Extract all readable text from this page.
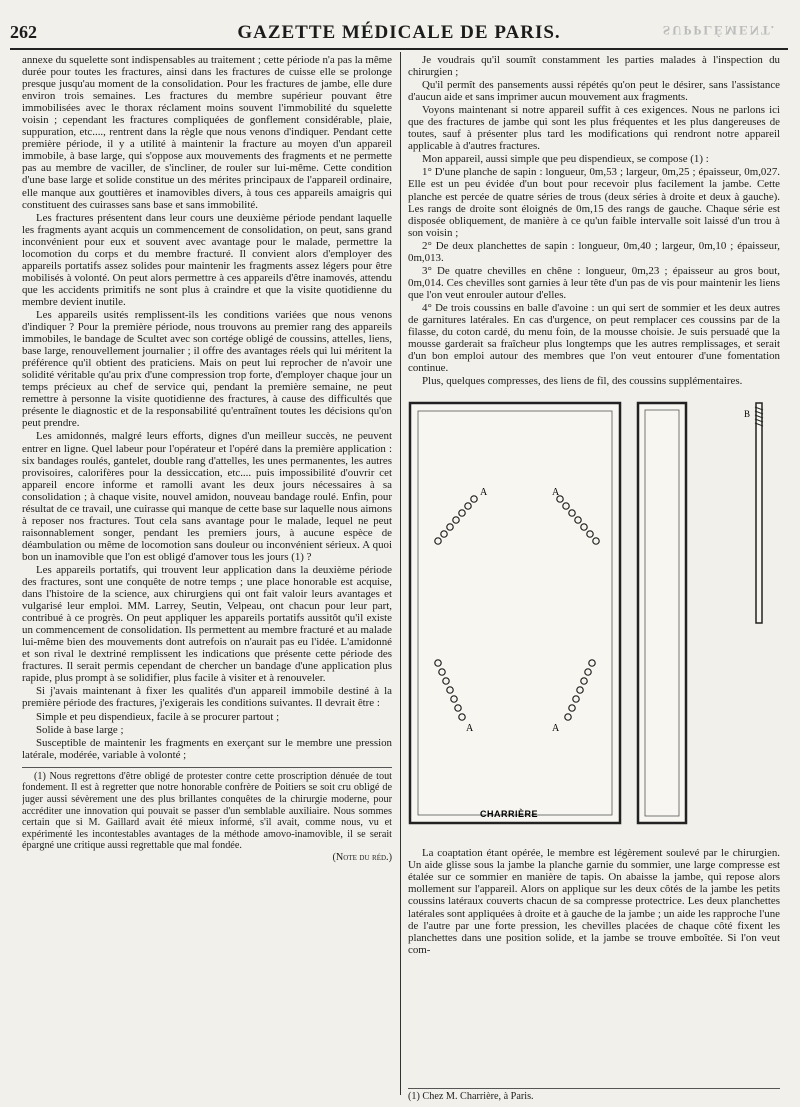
262	GAZETTE MÉDICALE DE PARIS.	SUPPLÉMENT.

annexe du squelette sont indispensables au traitement ; cette période n'a pas la même durée pour toutes les fractures, ainsi dans les fractures de cuisse elle se prolonge presque jusqu'au moment de la consolidation. Pour les fractures de jambe, elle dure environ trois semaines. Les fractures du membre supérieur pouvant être immobilisées avec le thorax réclament moins souvent l'immobilité du squelette voisin ; cependant les fractures compliquées de gonflement considérable, plaie, suppuration, etc...., rentrent dans la règle que nous venons d'indiquer. Pendant cette première période, il y a utilité à maintenir la fracture au moyen d'un appareil immobile, à base large, qui s'oppose aux mouvements des fragments et ne permette pas au membre de vaciller, de s'incliner, de rouler sur lui-même. Cette condition d'une base large et solide constitue un des mérites principaux de l'appareil ordinaire, elle manque aux gouttières et inamovibles divers, à tous ces appareils amaigris qui constituent des cuirasses sans base et sans immobilité.

Les fractures présentent dans leur cours une deuxième période pendant laquelle les fragments ayant acquis un commencement de consolidation, on peut, sans grand inconvénient pour eux et souvent avec avantage pour le malade, permettre la locomotion du corps et du membre fracturé. Il convient alors d'employer des appareils portatifs assez solides pour maintenir les fragments assez légers pour être mobilisés à volonté. On peut alors permettre à ces appareils d'être inamovés, attendu que les accidents primitifs ne sont plus à craindre et que la visite quotidienne du membre devient inutile.

Les appareils usités remplissent-ils les conditions variées que nous venons d'indiquer ? Pour la première période, nous trouvons au premier rang des appareils immobiles, le bandage de Scultet avec son cortége obligé de coussins, attelles, liens, base large, renouvellement journalier ; il offre des avantages réels qui lui méritent la préférence qu'il obtient des praticiens. Mais on peut lui reprocher de n'avoir une solidité véritable qu'au prix d'une compression trop forte, d'employer chaque jour un temps précieux au chef de service qui, pendant la première semaine, ne peut remettre à personne la visite quotidienne des fractures, à cause des difficultés que présente le diagnostic et de la responsabilité qu'entraînent toutes les décisions qu'on peut prendre.

Les amidonnés, malgré leurs efforts, dignes d'un meilleur succès, ne peuvent entrer en ligne. Quel labeur pour l'opérateur et l'opéré dans la première application : six bandages roulés, gantelet, double rang d'attelles, les unes permanentes, les autres provisoires, calorifères pour la dessiccation, etc.... puis impossibilité d'ouvrir cet appareil encore informe et ramolli avant les deux jours nécessaires à sa consolidation ; à chaque visite, nouvel amidon, nouveau bandage roulé. Enfin, pour résultat de ce travail, une cuirasse qui manque de cette base sur laquelle nous aimons à reposer nos fractures. Tout cela sans avantage pour le malade, lequel ne peut raisonnablement songer, pendant les premiers jours, à aucune espèce de déambulation ou même de locomotion sans douleur ou inconvénient sérieux. A quoi bon un inamovible que l'on est obligé d'amover tous les jours (1) ?

Les appareils portatifs, qui trouvent leur application dans la deuxième période des fractures, sont une conquête de notre temps ; une place honorable est acquise, dans l'histoire de la science, aux chirurgiens qui ont fait valoir leurs avantages et vulgarisé leur emploi. MM. Larrey, Seutin, Velpeau, ont chacun pour leur part, contribué à ce progrès. On peut appliquer les appareils portatifs aussitôt qu'il existe un commencement de consolidation. Ils permettent au membre fracturé et au malade lui-même bien des mouvements dont autrefois on n'aurait pas eu l'idée. L'amidonné et son rival le dextriné remplissent les indications que présente cette période des fractures. Il serait permis cependant de chercher un bandage d'une application plus rapide, plus prompt à se solidifier, plus facile à visiter et à renouveler.

Si j'avais maintenant à fixer les qualités d'un appareil immobile destiné à la première période des fractures, j'exigerais les conditions suivantes. Il devrait être :

Simple et peu dispendieux, facile à se procurer partout ;

Solide à base large ;

Susceptible de maintenir les fragments en exerçant sur le membre une pression latérale, modérée, variable à volonté ;

(1) Nous regrettons d'être obligé de protester contre cette proscription dénuée de tout fondement. Il est à regretter que notre honorable confrère de Poitiers se soit cru obligé de juger aussi sévèrement une des plus brillantes conquêtes de la chirurgie moderne, pour accréditer une innovation qui pouvait se passer d'un semblable auxiliaire. Nous sommes certain que si M. Gaillard avait été mieux informé, s'il avait, comme nous, vu et expérimenté les incontestables avantages de la méthode amovo-inamovible, il se serait épargné une critique aussi regrettable que mal fondée.

(Note du réd.)

Je voudrais qu'il soumît constamment les parties malades à l'inspection du chirurgien ;

Qu'il permît des pansements aussi répétés qu'on peut le désirer, sans l'assistance d'aucun aide et sans imprimer aucun mouvement aux fragments.

Voyons maintenant si notre appareil suffit à ces exigences. Nous ne parlons ici que des fractures de jambe qui sont les plus fréquentes et les plus dangereuses de toutes, sauf à présenter plus tard les modifications qui rendront notre appareil applicable à d'autres fractures.

Mon appareil, aussi simple que peu dispendieux, se compose (1) :

1° D'une planche de sapin : longueur, 0m,53 ; largeur, 0m,25 ; épaisseur, 0m,027. Elle est un peu évidée d'un bout pour recevoir plus facilement la jambe. Cette planche est percée de quatre séries de trous (deux séries à droite et deux à gauche). Les rangs de droite sont éloignés de 0m,15 des rangs de gauche. Chaque série est disposée obliquement, de manière à ce qu'un faible intervalle soit laissé d'un trou à son voisin ;

2° De deux planchettes de sapin : longueur, 0m,40 ; largeur, 0m,10 ; épaisseur, 0m,013.

3° De quatre chevilles en chêne : longueur, 0m,23 ; épaisseur au gros bout, 0m,014. Ces chevilles sont garnies à leur tête d'un pas de vis pour maintenir les liens que l'on veut enrouler autour d'elles.

4° De trois coussins en balle d'avoine : un qui sert de sommier et les deux autres de garnitures latérales. En cas d'urgence, on peut remplacer ces coussins par de la filasse, du coton cardé, du menu foin, de la mousse choisie. Je suis persuadé que la mousse garderait sa fraîcheur plus longtemps que les autres remplissages, et serait d'un bon emploi autour des membres que l'on veut entourer d'une fomentation continue.

Plus, quelques compresses, des liens de fil, des coussins supplémentaires.

A	A
A	A
CHARRIÈRE
B

La coaptation étant opérée, le membre est légèrement soulevé par le chirurgien. Un aide glisse sous la jambe la planche garnie du sommier, une large compresse est étalée sur ce sommier en manière de tapis. On abaisse la jambe, qui repose alors mollement sur l'appareil. Alors on applique sur les deux côtés de la jambe les petits coussins latéraux couverts chacun de sa compresse protectrice. Les deux planchettes latérales sont appliquées à droite et à gauche de la jambe ; un aide les rapproche l'une de l'autre par une forte pression, les chevilles placées de chaque côté fixent les planchettes dans une position solide, et la jambe se trouve emboîtée. Si l'on veut com-

(1) Chez M. Charrière, à Paris.
